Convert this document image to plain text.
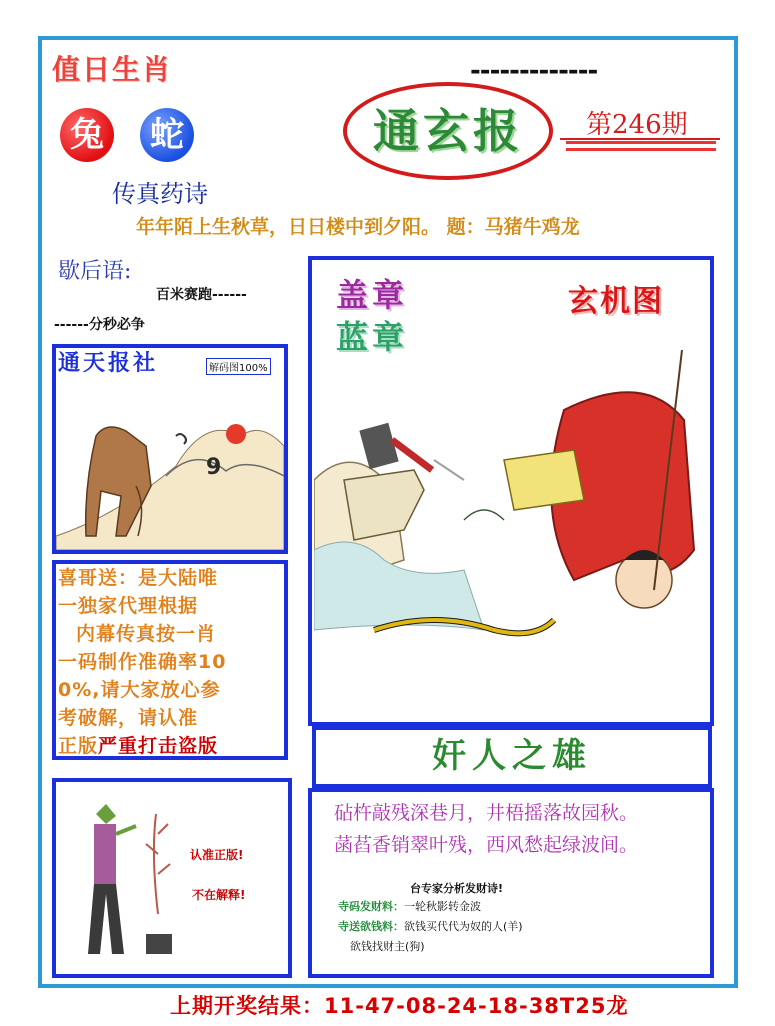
值日生肖	-------------
兔 蛇
传真药诗
通玄报	第246期
年年陌上生秋草，日日楼中到夕阳。 题：马猪牛鸡龙
歇后语:
百米赛跑------
------分秒必争
9
通天报社	解码图100%
喜哥送：是大陆唯
一独家代理根据
内幕传真按一肖
一码制作准确率10
0%,请大家放心参
考破解，请认准
正版严重打击盗版
认准正版!
不在解释!
盖章
蓝章
玄机图
奸人之雄
砧杵敲残深巷月，井梧摇落故园秋。
菡萏香销翠叶残，西风愁起绿波间。
台专家分析发财诗!
寺码发财料：一轮秋影转金波
寺送欲钱料：欲钱买代代为奴的人(羊)
欲钱找财主(狗)
上期开奖结果：11-47-08-24-18-38T25龙
